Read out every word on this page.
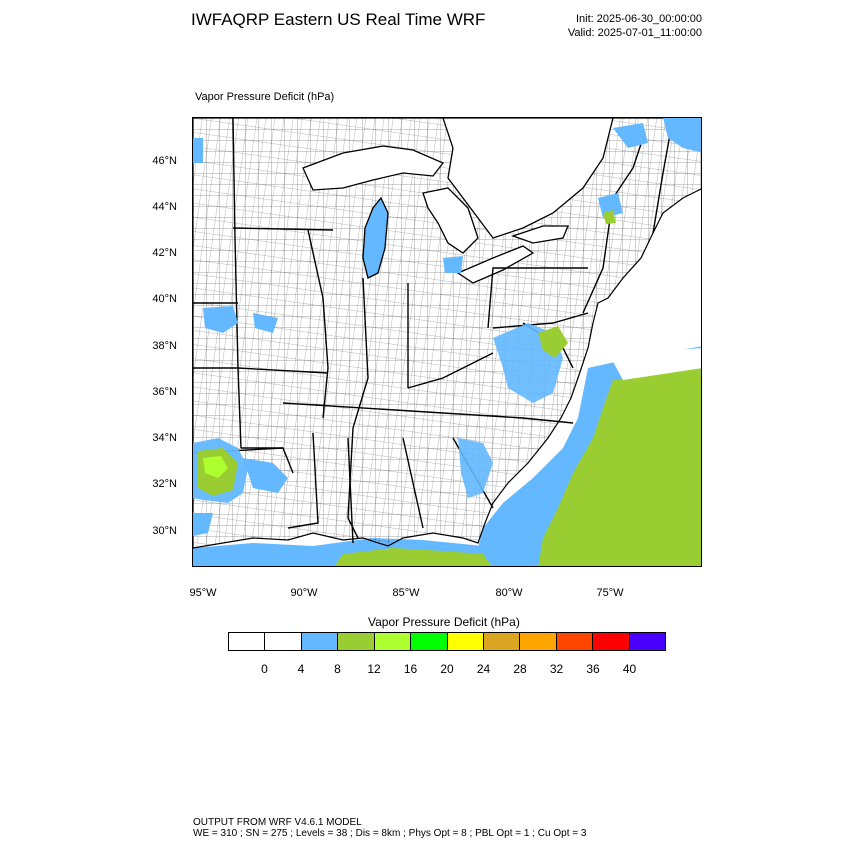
IWFAQRP Eastern US Real Time WRF	Init: 2025-06-30_00:00:00
Valid: 2025-07-01_11:00:00
Vapor Pressure Deficit (hPa)
46°N
44°N
42°N
40°N
38°N
36°N
34°N
32°N
30°N
95°W	90°W	85°W	80°W	75°W
Vapor Pressure Deficit (hPa)
0	4	8	12	16	20	24	28	32	36	40
OUTPUT FROM WRF V4.6.1 MODEL
WE = 310 ; SN = 275 ; Levels = 38 ; Dis = 8km ; Phys Opt = 8 ; PBL Opt = 1 ; Cu Opt = 3
